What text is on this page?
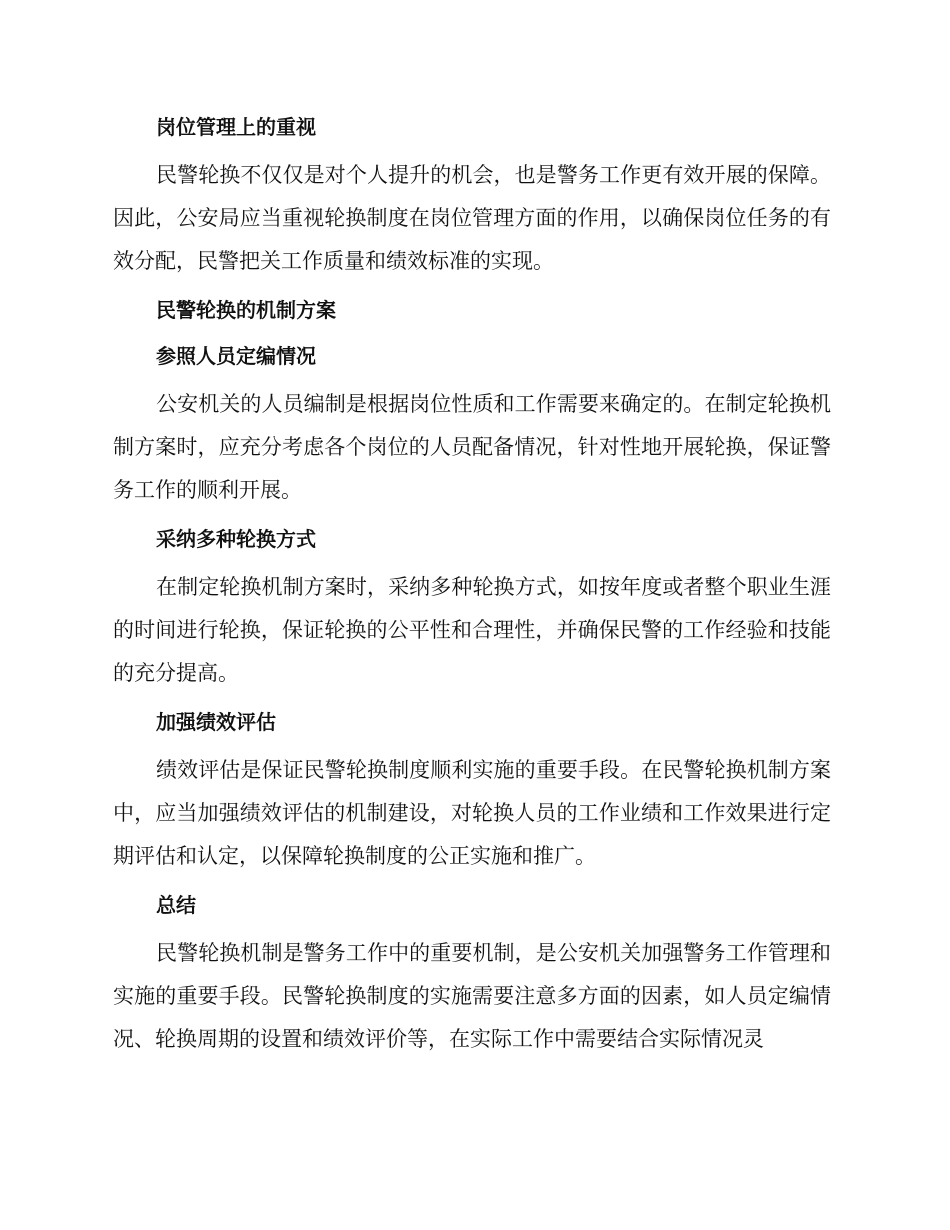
岗位管理上的重视

民警轮换不仅仅是对个人提升的机会，也是警务工作更有效开展的保障。因此，公安局应当重视轮换制度在岗位管理方面的作用，以确保岗位任务的有效分配，民警把关工作质量和绩效标准的实现。

民警轮换的机制方案
参照人员定编情况

公安机关的人员编制是根据岗位性质和工作需要来确定的。在制定轮换机制方案时，应充分考虑各个岗位的人员配备情况，针对性地开展轮换，保证警务工作的顺利开展。

采纳多种轮换方式

在制定轮换机制方案时，采纳多种轮换方式，如按年度或者整个职业生涯的时间进行轮换，保证轮换的公平性和合理性，并确保民警的工作经验和技能的充分提高。

加强绩效评估

绩效评估是保证民警轮换制度顺利实施的重要手段。在民警轮换机制方案中，应当加强绩效评估的机制建设，对轮换人员的工作业绩和工作效果进行定期评估和认定，以保障轮换制度的公正实施和推广。

总结

民警轮换机制是警务工作中的重要机制，是公安机关加强警务工作管理和实施的重要手段。民警轮换制度的实施需要注意多方面的因素，如人员定编情况、轮换周期的设置和绩效评价等，在实际工作中需要结合实际情况灵
